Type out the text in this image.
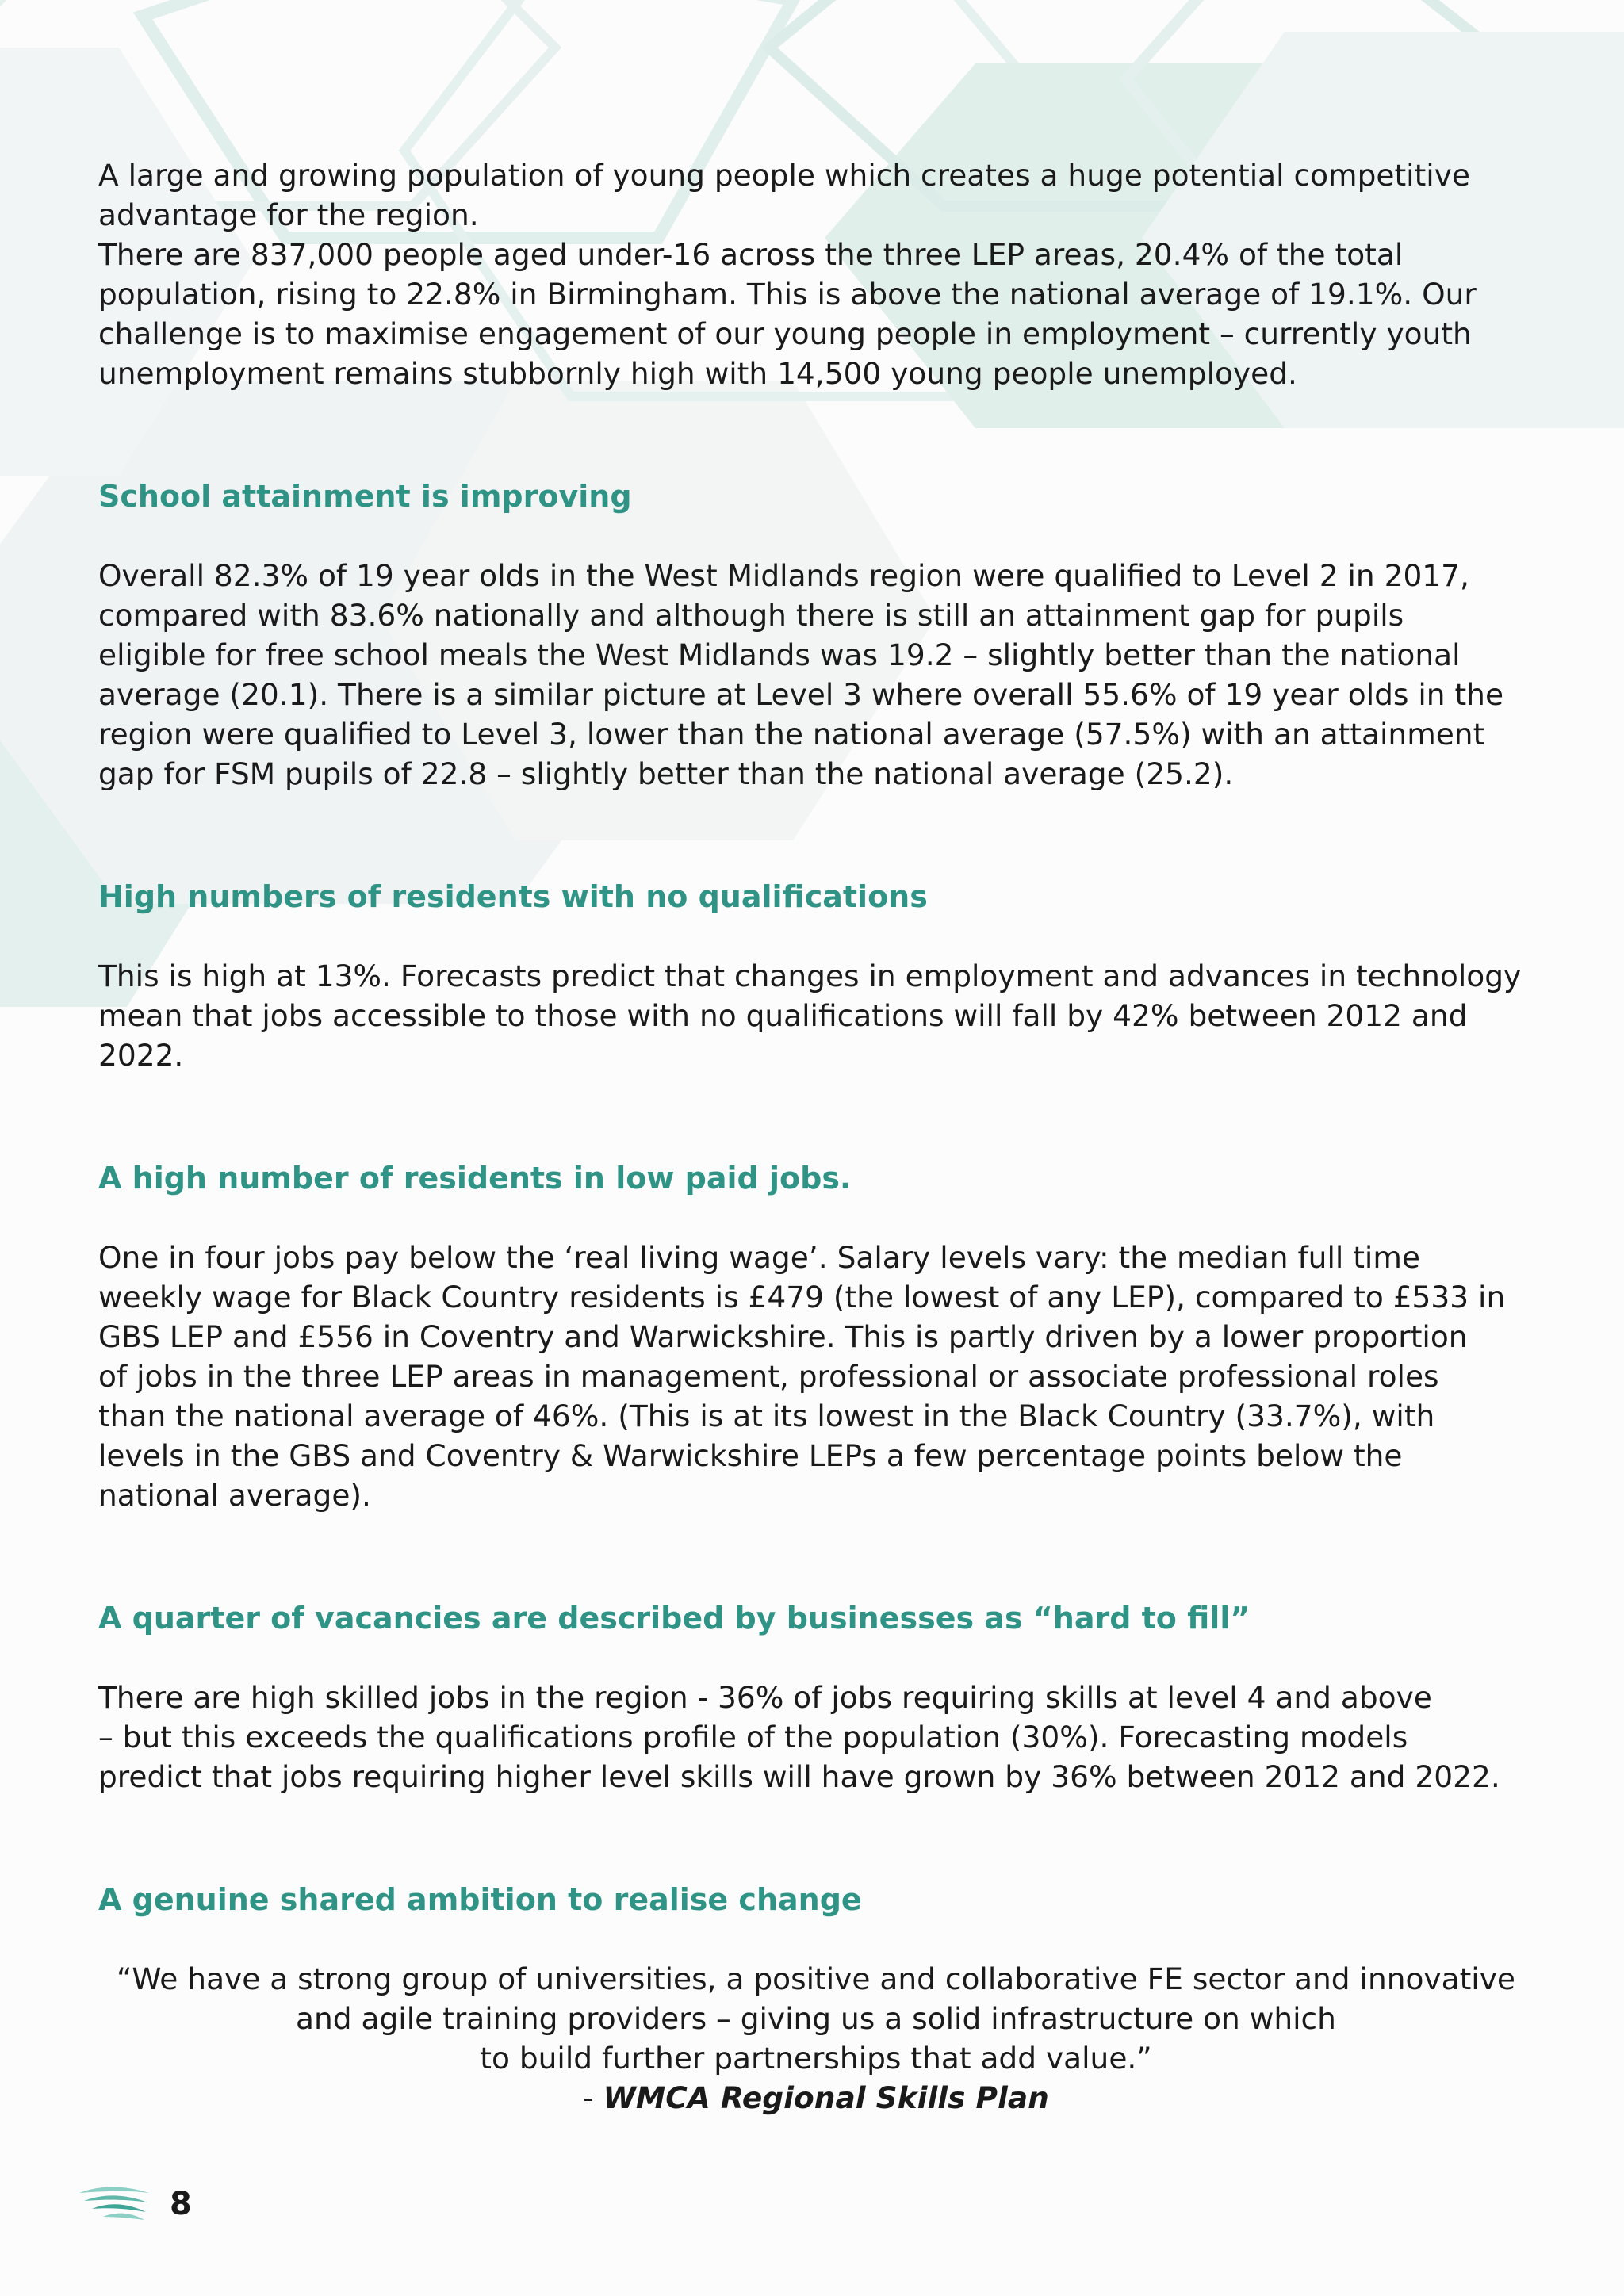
A large and growing population of young people which creates a huge potential competitive
advantage for the region.

There are 837,000 people aged under-16 across the three LEP areas, 20.4% of the total
population, rising to 22.8% in Birmingham. This is above the national average of 19.1%. Our
challenge is to maximise engagement of our young people in employment – currently youth
unemployment remains stubbornly high with 14,500 young people unemployed.

School attainment is improving

Overall 82.3% of 19 year olds in the West Midlands region were qualified to Level 2 in 2017,
compared with 83.6% nationally and although there is still an attainment gap for pupils
eligible for free school meals the West Midlands was 19.2 – slightly better than the national
average (20.1). There is a similar picture at Level 3 where overall 55.6% of 19 year olds in the
region were qualified to Level 3, lower than the national average (57.5%) with an attainment
gap for FSM pupils of 22.8 – slightly better than the national average (25.2).

High numbers of residents with no qualifications

This is high at 13%. Forecasts predict that changes in employment and advances in technology
mean that jobs accessible to those with no qualifications will fall by 42% between 2012 and
2022.

A high number of residents in low paid jobs.

One in four jobs pay below the ‘real living wage’. Salary levels vary: the median full time
weekly wage for Black Country residents is £479 (the lowest of any LEP), compared to £533 in
GBS LEP and £556 in Coventry and Warwickshire. This is partly driven by a lower proportion
of jobs in the three LEP areas in management, professional or associate professional roles
than the national average of 46%. (This is at its lowest in the Black Country (33.7%), with
levels in the GBS and Coventry & Warwickshire LEPs a few percentage points below the
national average).

A quarter of vacancies are described by businesses as “hard to fill”

There are high skilled jobs in the region - 36% of jobs requiring skills at level 4 and above
– but this exceeds the qualifications profile of the population (30%). Forecasting models
predict that jobs requiring higher level skills will have grown by 36% between 2012 and 2022.

A genuine shared ambition to realise change

“We have a strong group of universities, a positive and collaborative FE sector and innovative
and agile training providers – giving us a solid infrastructure on which
to build further partnerships that add value.”

- WMCA Regional Skills Plan

8
